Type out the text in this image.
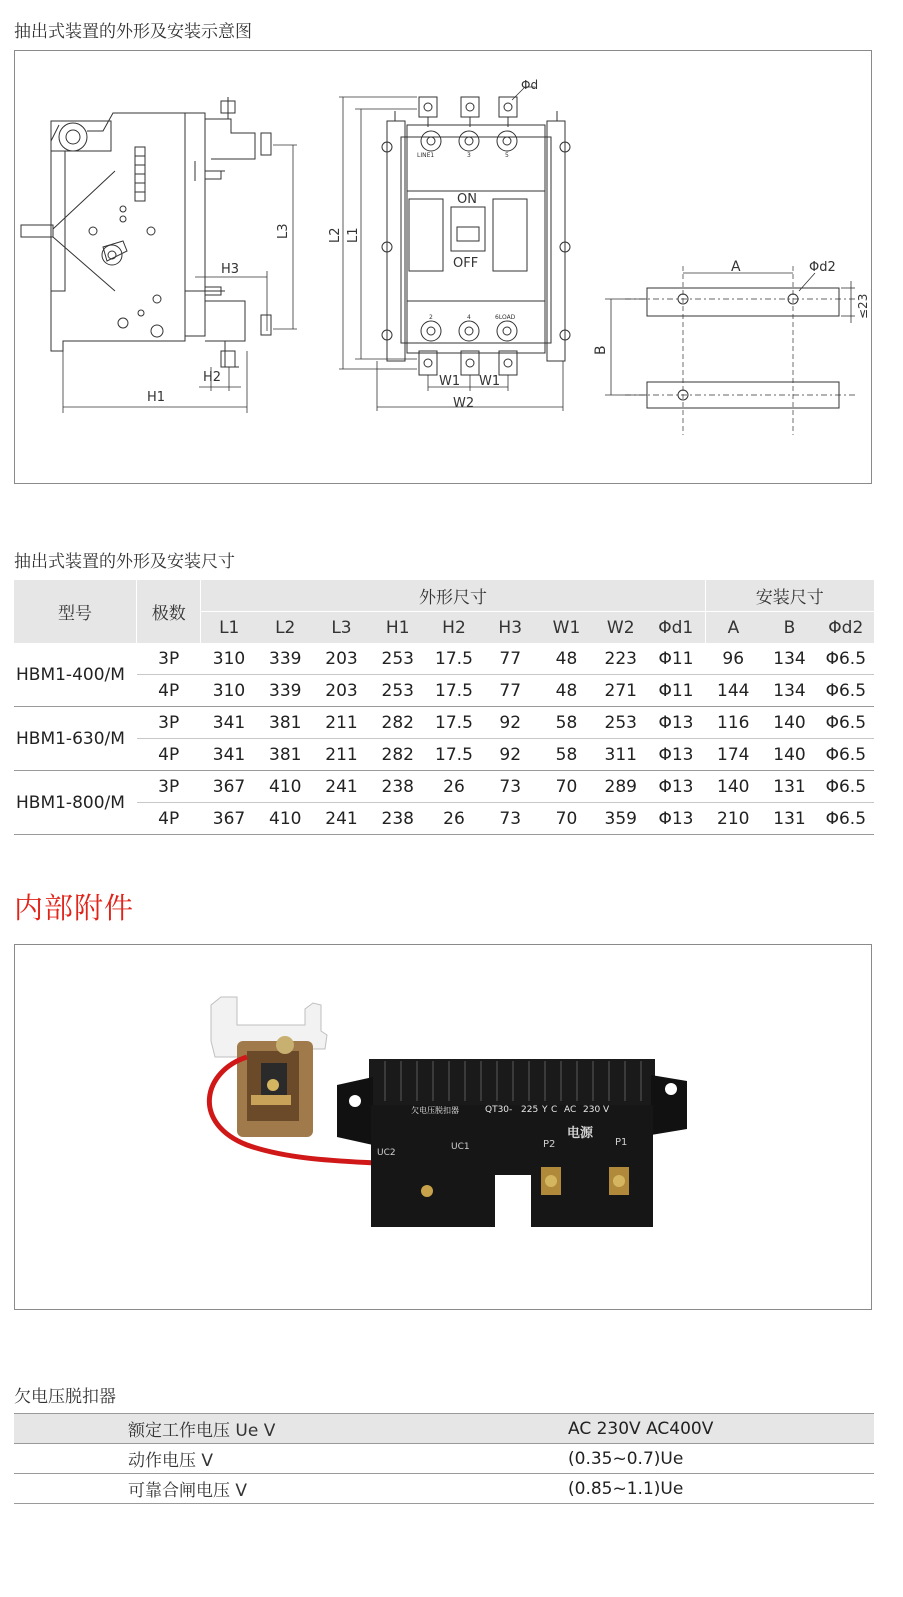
抽出式装置的外形及安装示意图
L3
H3
H2
H1
Φd
L2 L1
W1 W1
W2
ON
OFF
LINE1	3	5
2	4	6LOAD
A
B
Φd2
≤23
抽出式装置的外形及安装尺寸
型号	极数	外形尺寸									安装尺寸		
		L1	L2	L3	H1	H2	H3	W1	W2	Φd1	A	B	Φd2
HBM1-400/M	3P	310	339	203	253	17.5	77	48	223	Φ11	96	134	Φ6.5
	4P	310	339	203	253	17.5	77	48	271	Φ11	144	134	Φ6.5
HBM1-630/M	3P	341	381	211	282	17.5	92	58	253	Φ13	116	140	Φ6.5
	4P	341	381	211	282	17.5	92	58	311	Φ13	174	140	Φ6.5
HBM1-800/M	3P	367	410	241	238	26	73	70	289	Φ13	140	131	Φ6.5
	4P	367	410	241	238	26	73	70	359	Φ13	210	131	Φ6.5
内部附件
欠电压脱扣器	QT30- 225 Y C AC 230 V
电源
UC2
UC1	P2	P1
欠电压脱扣器
额定工作电压 Ue V	AC 230V AC400V
动作电压 V	(0.35~0.7)Ue
可靠合闸电压 V	(0.85~1.1)Ue
